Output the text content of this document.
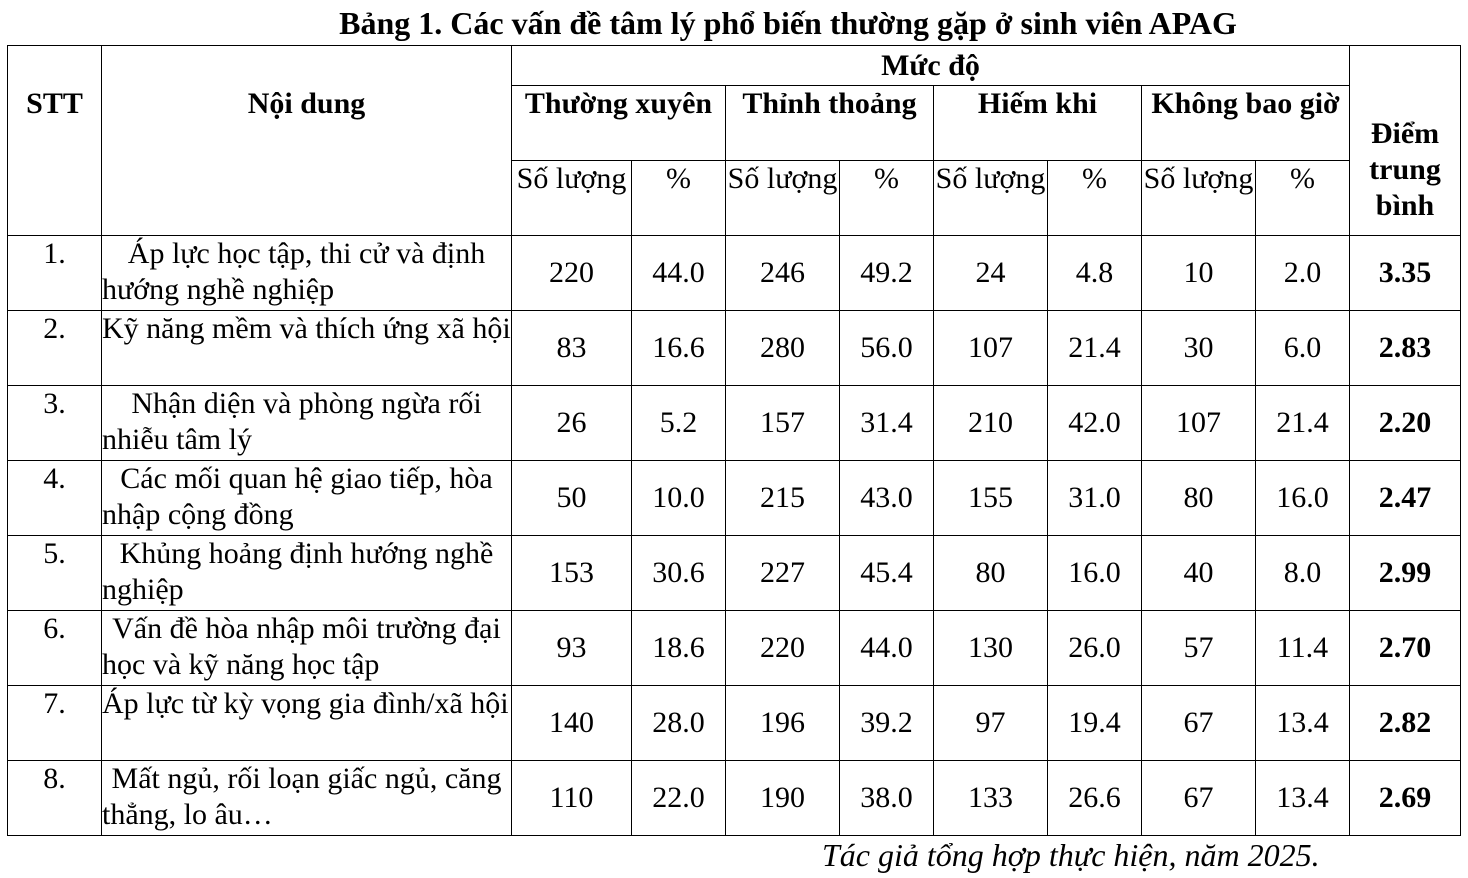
Bảng 1. Các vấn đề tâm lý phổ biến thường gặp ở sinh viên APAG
STT	Nội dung	Mức độ								Điểm trung bình
		Thường xuyên		Thỉnh thoảng		Hiếm khi		Không bao giờ		
		Số lượng	%	Số lượng	%	Số lượng	%	Số lượng	%	
1.	Áp lực học tập, thi cử và định hướng nghề nghiệp	220	44.0	246	49.2	24	4.8	10	2.0	3.35
2.	Kỹ năng mềm và thích ứng xã hội	83	16.6	280	56.0	107	21.4	30	6.0	2.83
3.	Nhận diện và phòng ngừa rối nhiễu tâm lý	26	5.2	157	31.4	210	42.0	107	21.4	2.20
4.	Các mối quan hệ giao tiếp, hòa nhập cộng đồng	50	10.0	215	43.0	155	31.0	80	16.0	2.47
5.	Khủng hoảng định hướng nghề nghiệp	153	30.6	227	45.4	80	16.0	40	8.0	2.99
6.	Vấn đề hòa nhập môi trường đại học và kỹ năng học tập	93	18.6	220	44.0	130	26.0	57	11.4	2.70
7.	Áp lực từ kỳ vọng gia đình/xã hội	140	28.0	196	39.2	97	19.4	67	13.4	2.82
8.	Mất ngủ, rối loạn giấc ngủ, căng thẳng, lo âu…	110	22.0	190	38.0	133	26.6	67	13.4	2.69
Tác giả tổng hợp thực hiện, năm 2025.
